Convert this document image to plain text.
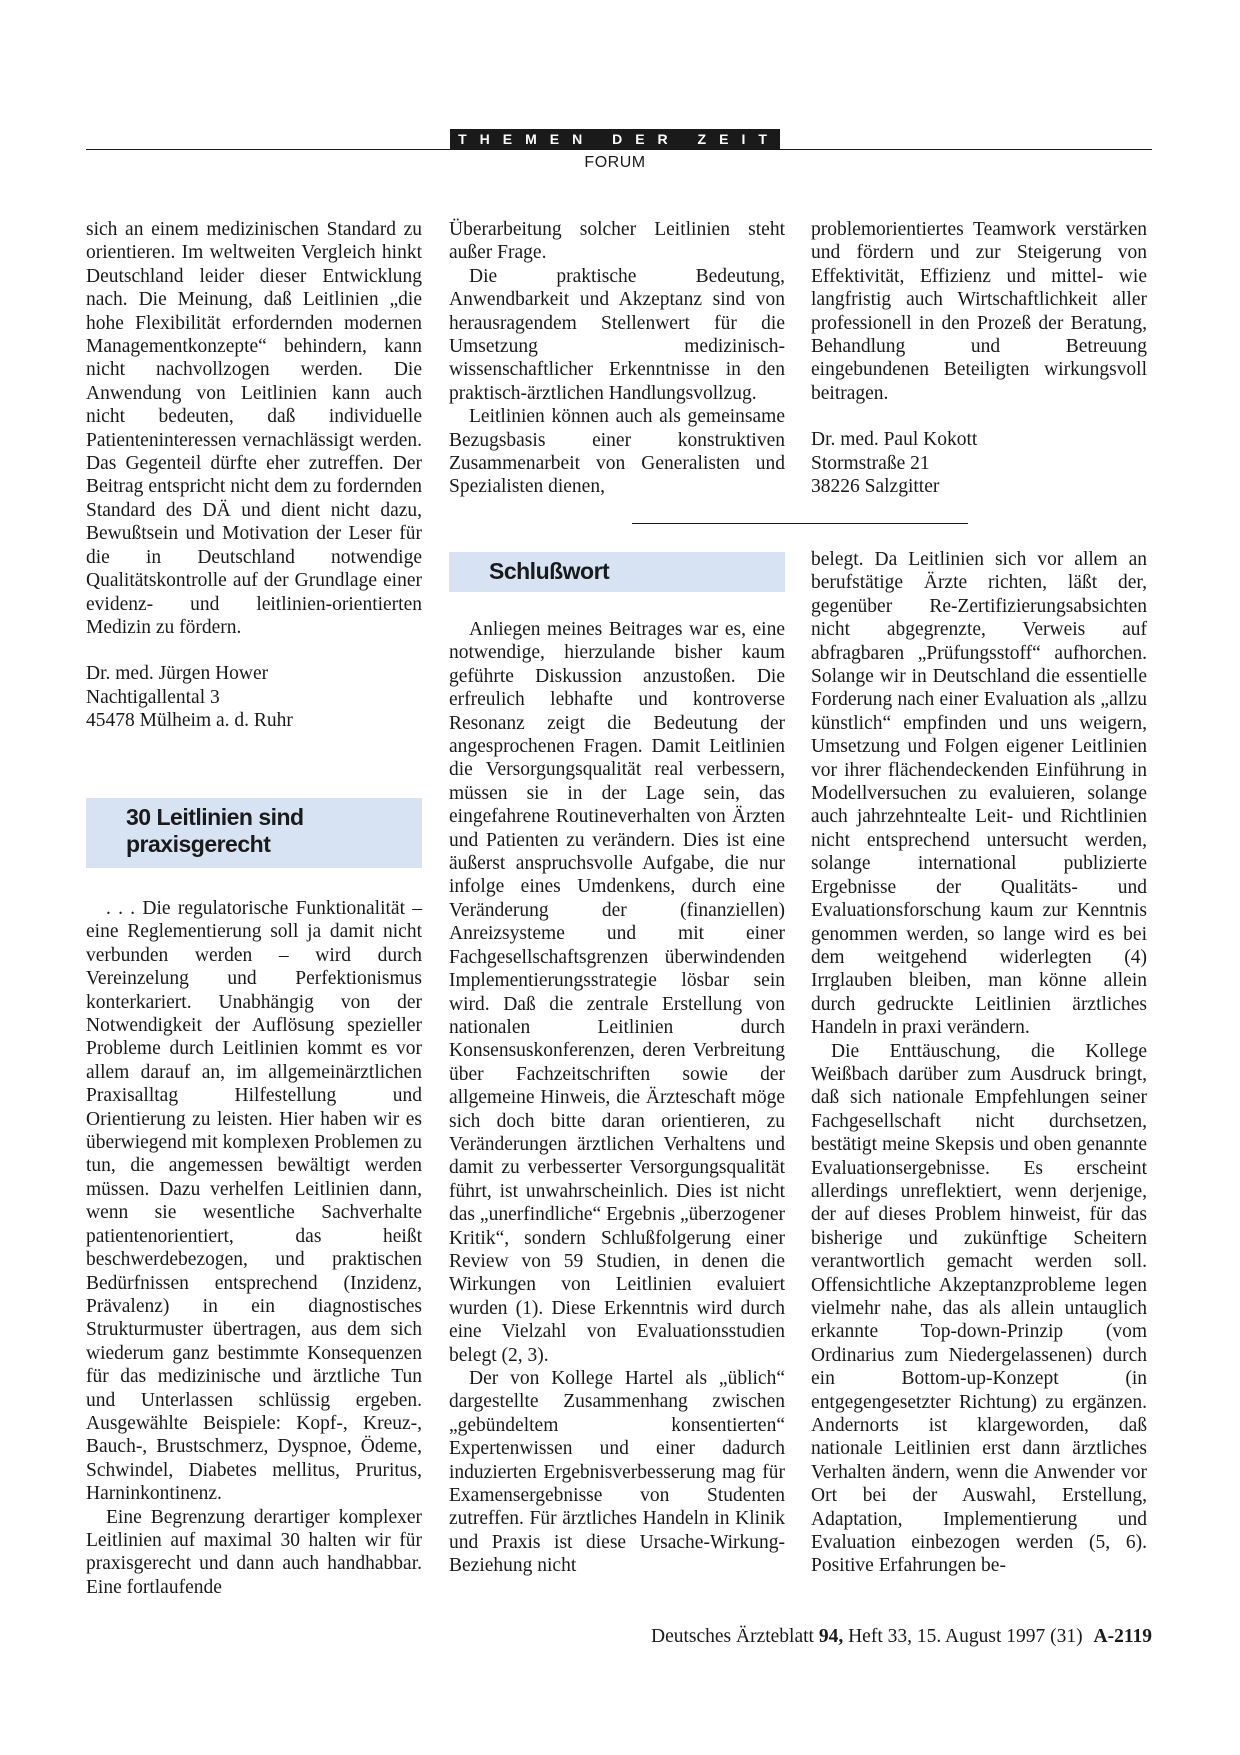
THEMEN DER ZEIT
FORUM

sich an einem medizinischen Standard zu orientieren. Im weltweiten Vergleich hinkt Deutschland leider dieser Entwicklung nach. Die Meinung, daß Leitlinien „die hohe Flexibilität erfordernden modernen Managementkonzepte“ behindern, kann nicht nachvollzogen werden. Die Anwendung von Leitlinien kann auch nicht bedeuten, daß individuelle Patienteninteressen vernachlässigt werden. Das Gegenteil dürfte eher zutreffen. Der Beitrag entspricht nicht dem zu fordernden Standard des DÄ und dient nicht dazu, Bewußtsein und Motivation der Leser für die in Deutschland notwendige Qualitätskontrolle auf der Grundlage einer evidenz- und leitlinien-orientierten Medizin zu fördern.

Dr. med. Jürgen Hower

Nachtigallental 3

45478 Mülheim a. d. Ruhr

30 Leitlinien sind
praxisgerecht

. . . Die regulatorische Funktionalität – eine Reglementierung soll ja damit nicht verbunden werden – wird durch Vereinzelung und Perfektionismus konterkariert. Unabhängig von der Notwendigkeit der Auflösung spezieller Probleme durch Leitlinien kommt es vor allem darauf an, im allgemeinärztlichen Praxisalltag Hilfestellung und Orientierung zu leisten. Hier haben wir es überwiegend mit komplexen Problemen zu tun, die angemessen bewältigt werden müssen. Dazu verhelfen Leitlinien dann, wenn sie wesentliche Sachverhalte patientenorientiert, das heißt beschwerdebezogen, und praktischen Bedürfnissen entsprechend (Inzidenz, Prävalenz) in ein diagnostisches Strukturmuster übertragen, aus dem sich wiederum ganz bestimmte Konsequenzen für das medizinische und ärztliche Tun und Unterlassen schlüssig ergeben. Ausgewählte Beispiele: Kopf-, Kreuz-, Bauch-, Brustschmerz, Dyspnoe, Ödeme, Schwindel, Diabetes mellitus, Pruritus, Harninkontinenz.

Eine Begrenzung derartiger komplexer Leitlinien auf maximal 30 halten wir für praxisgerecht und dann auch handhabbar. Eine fortlaufende

Überarbeitung solcher Leitlinien steht außer Frage.

Die praktische Bedeutung, Anwendbarkeit und Akzeptanz sind von herausragendem Stellenwert für die Umsetzung medizinisch-wissenschaftlicher Erkenntnisse in den praktisch-ärztlichen Handlungsvollzug.

Leitlinien können auch als gemeinsame Bezugsbasis einer konstruktiven Zusammenarbeit von Generalisten und Spezialisten dienen,

Schlußwort

Anliegen meines Beitrages war es, eine notwendige, hierzulande bisher kaum geführte Diskussion anzustoßen. Die erfreulich lebhafte und kontroverse Resonanz zeigt die Bedeutung der angesprochenen Fragen. Damit Leitlinien die Versorgungsqualität real verbessern, müssen sie in der Lage sein, das eingefahrene Routineverhalten von Ärzten und Patienten zu verändern. Dies ist eine äußerst anspruchsvolle Aufgabe, die nur infolge eines Umdenkens, durch eine Veränderung der (finanziellen) Anreizsysteme und mit einer Fachgesellschaftsgrenzen überwindenden Implementierungsstrategie lösbar sein wird. Daß die zentrale Erstellung von nationalen Leitlinien durch Konsensuskonferenzen, deren Verbreitung über Fachzeitschriften sowie der allgemeine Hinweis, die Ärzteschaft möge sich doch bitte daran orientieren, zu Veränderungen ärztlichen Verhaltens und damit zu verbesserter Versorgungsqualität führt, ist unwahrscheinlich. Dies ist nicht das „unerfindliche“ Ergebnis „überzogener Kritik“, sondern Schlußfolgerung einer Review von 59 Studien, in denen die Wirkungen von Leitlinien evaluiert wurden (1). Diese Erkenntnis wird durch eine Vielzahl von Evaluationsstudien belegt (2, 3).

Der von Kollege Hartel als „üblich“ dargestellte Zusammenhang zwischen „gebündeltem konsentierten“ Expertenwissen und einer dadurch induzierten Ergebnisverbesserung mag für Examensergebnisse von Studenten zutreffen. Für ärztliches Handeln in Klinik und Praxis ist diese Ursache-Wirkung-Beziehung nicht

problemorientiertes Teamwork verstärken und fördern und zur Steigerung von Effektivität, Effizienz und mittel- wie langfristig auch Wirtschaftlichkeit aller professionell in den Prozeß der Beratung, Behandlung und Betreuung eingebundenen Beteiligten wirkungsvoll beitragen.

Dr. med. Paul Kokott

Stormstraße 21

38226 Salzgitter

belegt. Da Leitlinien sich vor allem an berufstätige Ärzte richten, läßt der, gegenüber Re-Zertifizierungsabsichten nicht abgegrenzte, Verweis auf abfragbaren „Prüfungsstoff“ aufhorchen. Solange wir in Deutschland die essentielle Forderung nach einer Evaluation als „allzu künstlich“ empfinden und uns weigern, Umsetzung und Folgen eigener Leitlinien vor ihrer flächendeckenden Einführung in Modellversuchen zu evaluieren, solange auch jahrzehntealte Leit- und Richtlinien nicht entsprechend untersucht werden, solange international publizierte Ergebnisse der Qualitäts- und Evaluationsforschung kaum zur Kenntnis genommen werden, so lange wird es bei dem weitgehend widerlegten (4) Irrglauben bleiben, man könne allein durch gedruckte Leitlinien ärztliches Handeln in praxi verändern.

Die Enttäuschung, die Kollege Weißbach darüber zum Ausdruck bringt, daß sich nationale Empfehlungen seiner Fachgesellschaft nicht durchsetzen, bestätigt meine Skepsis und oben genannte Evaluationsergebnisse. Es erscheint allerdings unreflektiert, wenn derjenige, der auf dieses Problem hinweist, für das bisherige und zukünftige Scheitern verantwortlich gemacht werden soll. Offensichtliche Akzeptanzprobleme legen vielmehr nahe, das als allein untauglich erkannte Top-down-Prinzip (vom Ordinarius zum Niedergelassenen) durch ein Bottom-up-Konzept (in entgegengesetzter Richtung) zu ergänzen. Andernorts ist klargeworden, daß nationale Leitlinien erst dann ärztliches Verhalten ändern, wenn die Anwender vor Ort bei der Auswahl, Erstellung, Adaptation, Implementierung und Evaluation einbezogen werden (5, 6). Positive Erfahrungen be-

Deutsches Ärzteblatt 94, Heft 33, 15. August 1997 (31) A-2119
